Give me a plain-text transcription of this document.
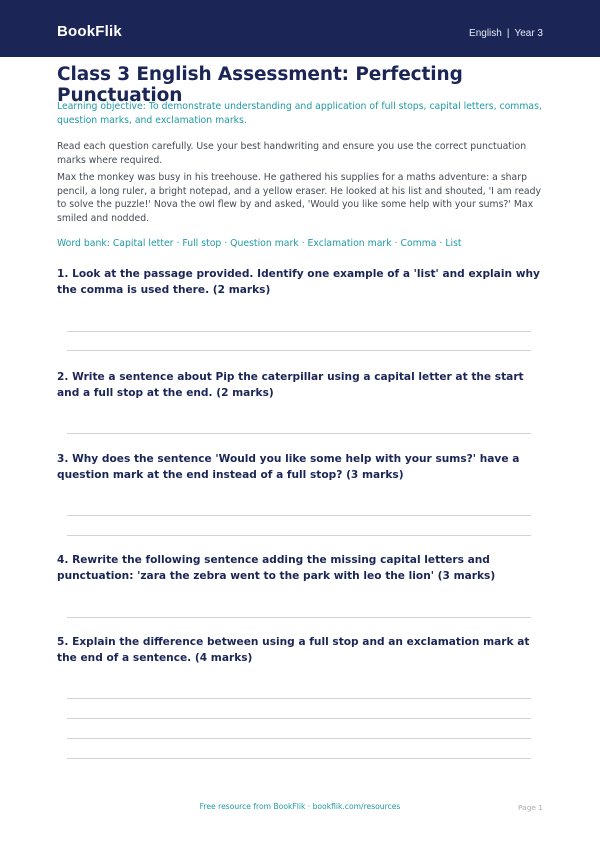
BookFlik	English | Year 3
Class 3 English Assessment: Perfecting Punctuation

Learning objective: To demonstrate understanding and application of full stops, capital letters, commas, question marks, and exclamation marks.

Read each question carefully. Use your best handwriting and ensure you use the correct punctuation marks where required.

Max the monkey was busy in his treehouse. He gathered his supplies for a maths adventure: a sharp pencil, a long ruler, a bright notepad, and a yellow eraser. He looked at his list and shouted, 'I am ready to solve the puzzle!' Nova the owl flew by and asked, 'Would you like some help with your sums?' Max smiled and nodded.

Word bank: Capital letter · Full stop · Question mark · Exclamation mark · Comma · List

1. Look at the passage provided. Identify one example of a 'list' and explain why the comma is used there. (2 marks)
2. Write a sentence about Pip the caterpillar using a capital letter at the start and a full stop at the end. (2 marks)
3. Why does the sentence 'Would you like some help with your sums?' have a question mark at the end instead of a full stop? (3 marks)
4. Rewrite the following sentence adding the missing capital letters and punctuation: 'zara the zebra went to the park with leo the lion' (3 marks)
5. Explain the difference between using a full stop and an exclamation mark at the end of a sentence. (4 marks)
Free resource from BookFlik · bookflik.com/resources	Page 1
